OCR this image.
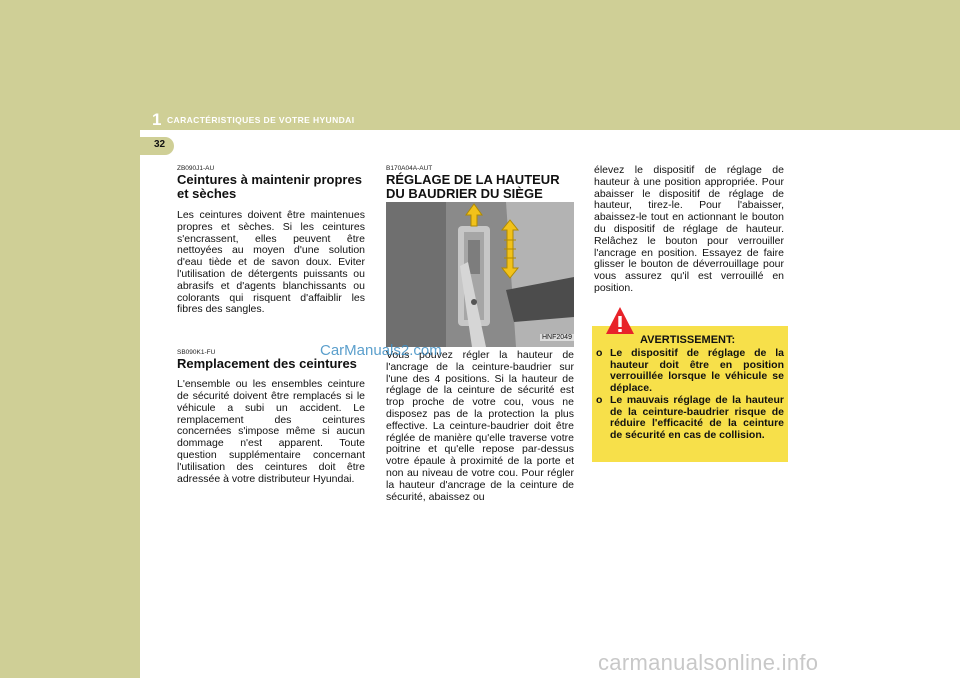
1 CARACTÉRISTIQUES DE VOTRE HYUNDAI
32
ZB090J1-AU
Ceintures à maintenir propres et sèches
Les ceintures doivent être maintenues propres et sèches. Si les ceintures s'encrassent, elles peuvent être nettoyées au moyen d'une solution d'eau tiède et de savon doux. Eviter l'utilisation de détergents puissants ou abrasifs et d'agents blanchissants ou colorants qui risquent d'affaiblir les fibres des sangles.
SB090K1-FU
Remplacement des ceintures
L'ensemble ou les ensembles ceinture de sécurité doivent être remplacés si le véhicule a subi un accident. Le remplacement des ceintures concernées s'impose même si aucun dommage n'est apparent. Toute question supplémentaire concernant l'utilisation des ceintures doit être adressée à votre distributeur Hyundai.
B170A04A-AUT
RÉGLAGE DE LA HAUTEUR DU BAUDRIER DU SIÈGE
HNF2049
Vous pouvez régler la hauteur de l'ancrage de la ceinture-baudrier sur l'une des 4 positions. Si la hauteur de réglage de la ceinture de sécurité est trop proche de votre cou, vous ne disposez pas de la protection la plus effective. La ceinture-baudrier doit être réglée de manière qu'elle traverse votre poitrine et qu'elle repose par-dessus votre épaule à proximité de la porte et non au niveau de votre cou. Pour régler la hauteur d'ancrage de la ceinture de sécurité, abaissez ou
élevez le dispositif de réglage de hauteur à une position appropriée. Pour abaisser le dispositif de réglage de hauteur, tirez-le. Pour l'abaisser, abaissez-le tout en actionnant le bouton du dispositif de réglage de hauteur. Relâchez le bouton pour verrouiller l'ancrage en position. Essayez de faire glisser le bouton de déverrouillage pour vous assurez qu'il est verrouillé en position.
AVERTISSEMENT:
o Le dispositif de réglage de la hauteur doit être en position verrouillée lorsque le véhicule se déplace.
o Le mauvais réglage de la hauteur de la ceinture-baudrier risque de réduire l'efficacité de la ceinture de sécurité en cas de collision.
CarManuals2.com
carmanualsonline.info
